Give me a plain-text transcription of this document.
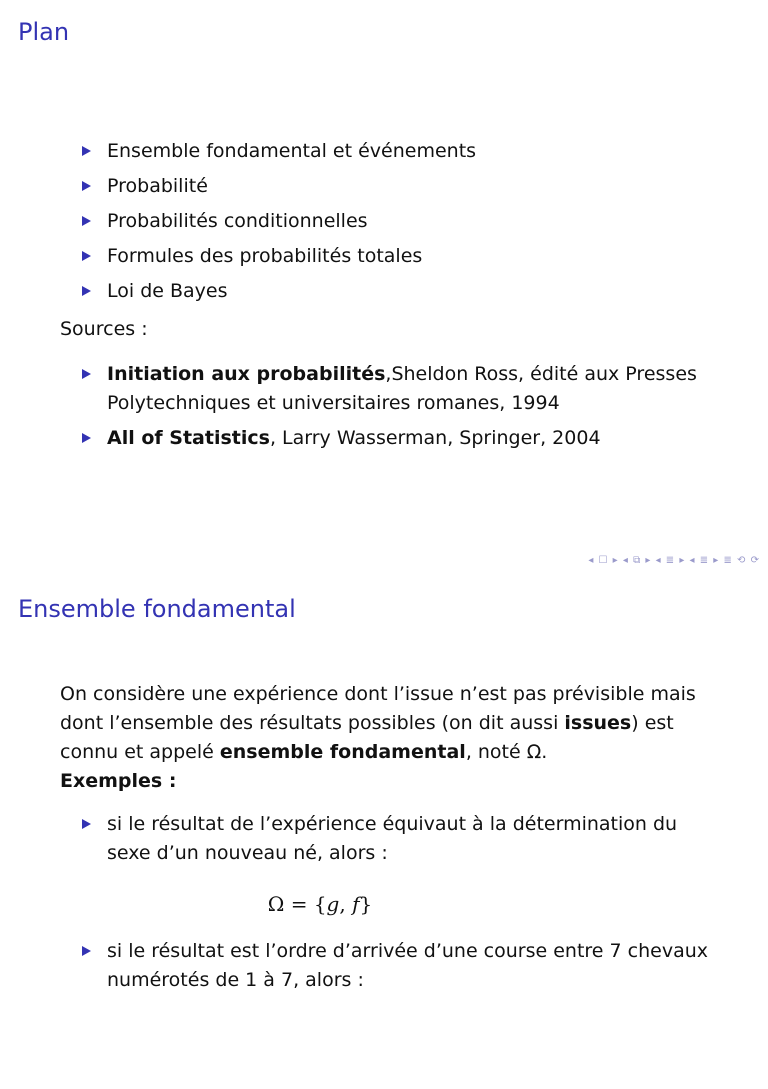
Plan
Ensemble fondamental et événements
Probabilité
Probabilités conditionnelles
Formules des probabilités totales
Loi de Bayes
Sources :
Initiation aux probabilités,Sheldon Ross, édité aux Presses Polytechniques et universitaires romanes, 1994
All of Statistics, Larry Wasserman, Springer, 2004
◂ ☐ ▸ ◂ ⧉ ▸ ◂ ≣ ▸ ◂ ≣ ▸ ≣ ⟲ ⟳
Ensemble fondamental
On considère une expérience dont l’issue n’est pas prévisible mais dont l’ensemble des résultats possibles (on dit aussi issues) est connu et appelé ensemble fondamental, noté Ω.
Exemples :
si le résultat de l’expérience équivaut à la détermination du sexe d’un nouveau né, alors :
Ω = {g, f}
si le résultat est l’ordre d’arrivée d’une course entre 7 chevaux numérotés de 1 à 7, alors :
